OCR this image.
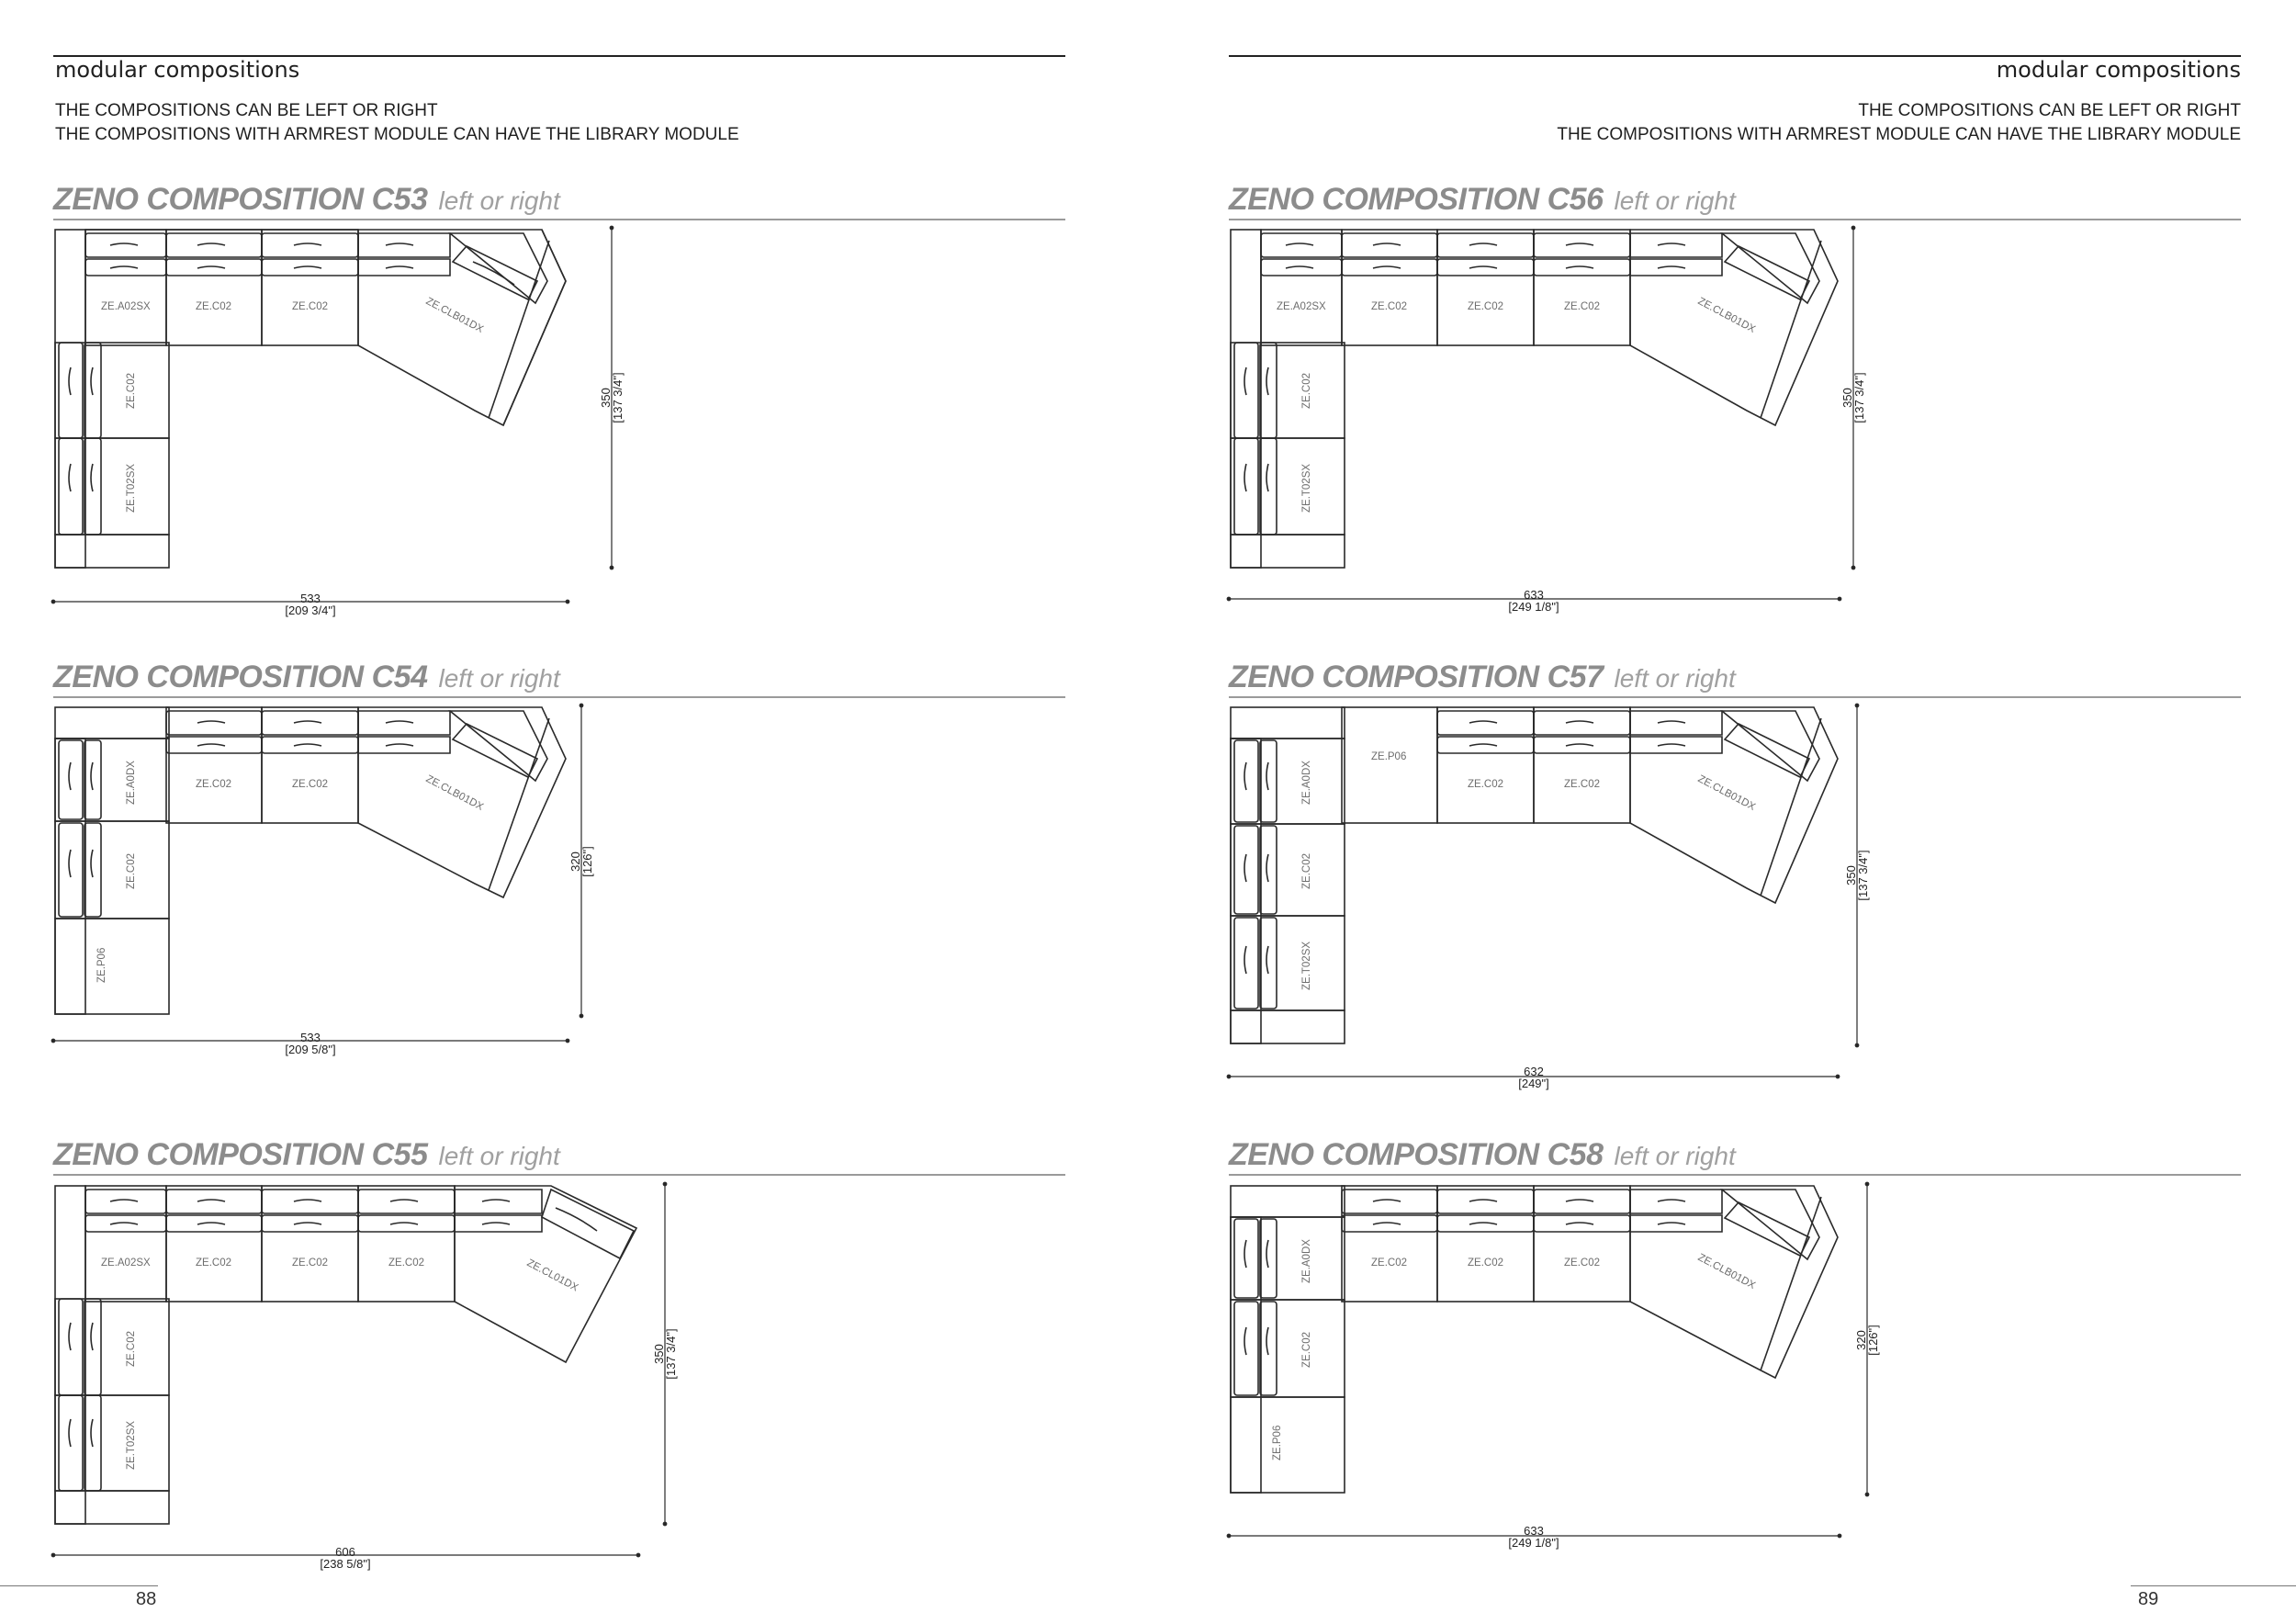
modular compositions
THE COMPOSITIONS CAN BE LEFT OR RIGHT
THE COMPOSITIONS WITH ARMREST MODULE CAN HAVE THE LIBRARY MODULE
modular compositions
THE COMPOSITIONS CAN BE LEFT OR RIGHT
THE COMPOSITIONS WITH ARMREST MODULE CAN HAVE THE LIBRARY MODULE
ZENO COMPOSITION C53 left or right
ZENO COMPOSITION C54 left or right
ZENO COMPOSITION C55 left or right
ZENO COMPOSITION C56 left or right
ZENO COMPOSITION C57 left or right
ZENO COMPOSITION C58 left or right
ZE.A02SX	ZE.C02	ZE.C02	ZE.CLB01DX
ZE.C02
ZE.T02SX
533
[209 3/4"]
350
[137 3/4"]
ZE.C02	ZE.C02	ZE.CLB01DX
ZE.A0DX
ZE.C02
ZE.P06
533
[209 5/8"]
320
[126"]
ZE.A02SX	ZE.C02	ZE.C02	ZE.C02	ZE.CL01DX
ZE.C02
ZE.T02SX
606
[238 5/8"]
350
[137 3/4"]
ZE.A02SX	ZE.C02	ZE.C02	ZE.C02	ZE.CLB01DX
ZE.C02
ZE.T02SX
633
[249 1/8"]
350
[137 3/4"]
ZE.P06
ZE.C02	ZE.C02	ZE.CLB01DX
ZE.A0DX
ZE.C02
ZE.T02SX
632
[249"]
350
[137 3/4"]
ZE.C02	ZE.C02	ZE.C02	ZE.CLB01DX
ZE.A0DX
ZE.C02
ZE.P06
633
[249 1/8"]
320
[126"]
88	89
